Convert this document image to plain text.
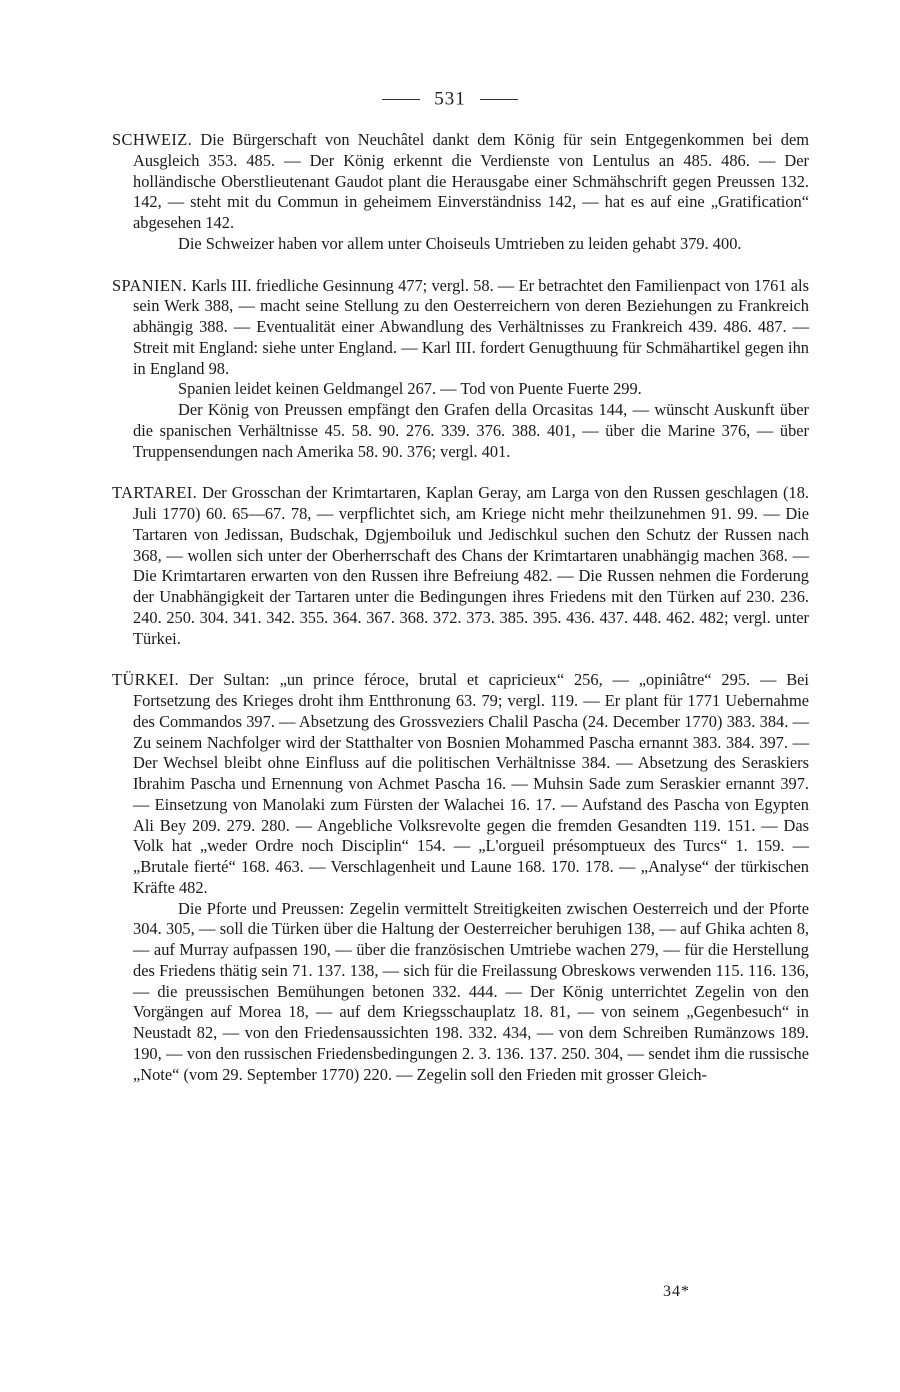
531

SCHWEIZ. Die Bürgerschaft von Neuchâtel dankt dem König für sein Entgegenkommen bei dem Ausgleich 353. 485. — Der König erkennt die Verdienste von Lentulus an 485. 486. — Der holländische Oberstlieutenant Gaudot plant die Herausgabe einer Schmähschrift gegen Preussen 132. 142, — steht mit du Commun in geheimem Einverständniss 142, — hat es auf eine „Gratification“ abgesehen 142.

Die Schweizer haben vor allem unter Choiseuls Umtrieben zu leiden gehabt 379. 400.

SPANIEN. Karls III. friedliche Gesinnung 477; vergl. 58. — Er betrachtet den Familienpact von 1761 als sein Werk 388, — macht seine Stellung zu den Oesterreichern von deren Beziehungen zu Frankreich abhängig 388. — Eventualität einer Abwandlung des Verhältnisses zu Frankreich 439. 486. 487. — Streit mit England: siehe unter England. — Karl III. fordert Genugthuung für Schmähartikel gegen ihn in England 98.

Spanien leidet keinen Geldmangel 267. — Tod von Puente Fuerte 299.

Der König von Preussen empfängt den Grafen della Orcasitas 144, — wünscht Auskunft über die spanischen Verhältnisse 45. 58. 90. 276. 339. 376. 388. 401, — über die Marine 376, — über Truppensendungen nach Amerika 58. 90. 376; vergl. 401.

TARTAREI. Der Grosschan der Krimtartaren, Kaplan Geray, am Larga von den Russen geschlagen (18. Juli 1770) 60. 65—67. 78, — verpflichtet sich, am Kriege nicht mehr theilzunehmen 91. 99. — Die Tartaren von Jedissan, Budschak, Dgjemboiluk und Jedischkul suchen den Schutz der Russen nach 368, — wollen sich unter der Oberherrschaft des Chans der Krimtartaren unabhängig machen 368. — Die Krimtartaren erwarten von den Russen ihre Befreiung 482. — Die Russen nehmen die Forderung der Unabhängigkeit der Tartaren unter die Bedingungen ihres Friedens mit den Türken auf 230. 236. 240. 250. 304. 341. 342. 355. 364. 367. 368. 372. 373. 385. 395. 436. 437. 448. 462. 482; vergl. unter Türkei.

TÜRKEI. Der Sultan: „un prince féroce, brutal et capricieux“ 256, — „opiniâtre“ 295. — Bei Fortsetzung des Krieges droht ihm Entthronung 63. 79; vergl. 119. — Er plant für 1771 Uebernahme des Commandos 397. — Absetzung des Grossveziers Chalil Pascha (24. December 1770) 383. 384. — Zu seinem Nachfolger wird der Statthalter von Bosnien Mohammed Pascha ernannt 383. 384. 397. — Der Wechsel bleibt ohne Einfluss auf die politischen Verhältnisse 384. — Absetzung des Seraskiers Ibrahim Pascha und Ernennung von Achmet Pascha 16. — Muhsin Sade zum Seraskier ernannt 397. — Einsetzung von Manolaki zum Fürsten der Walachei 16. 17. — Aufstand des Pascha von Egypten Ali Bey 209. 279. 280. — Angebliche Volksrevolte gegen die fremden Gesandten 119. 151. — Das Volk hat „weder Ordre noch Disciplin“ 154. — „L'orgueil présomptueux des Turcs“ 1. 159. — „Brutale fierté“ 168. 463. — Verschlagenheit und Laune 168. 170. 178. — „Analyse“ der türkischen Kräfte 482.

Die Pforte und Preussen: Zegelin vermittelt Streitigkeiten zwischen Oesterreich und der Pforte 304. 305, — soll die Türken über die Haltung der Oesterreicher beruhigen 138, — auf Ghika achten 8, — auf Murray aufpassen 190, — über die französischen Umtriebe wachen 279, — für die Herstellung des Friedens thätig sein 71. 137. 138, — sich für die Freilassung Obreskows verwenden 115. 116. 136, — die preussischen Bemühungen betonen 332. 444. — Der König unterrichtet Zegelin von den Vorgängen auf Morea 18, — auf dem Kriegsschauplatz 18. 81, — von seinem „Gegenbesuch“ in Neustadt 82, — von den Friedensaussichten 198. 332. 434, — von dem Schreiben Rumänzows 189. 190, — von den russischen Friedensbedingungen 2. 3. 136. 137. 250. 304, — sendet ihm die russische „Note“ (vom 29. September 1770) 220. — Zegelin soll den Frieden mit grosser Gleich-

34*
